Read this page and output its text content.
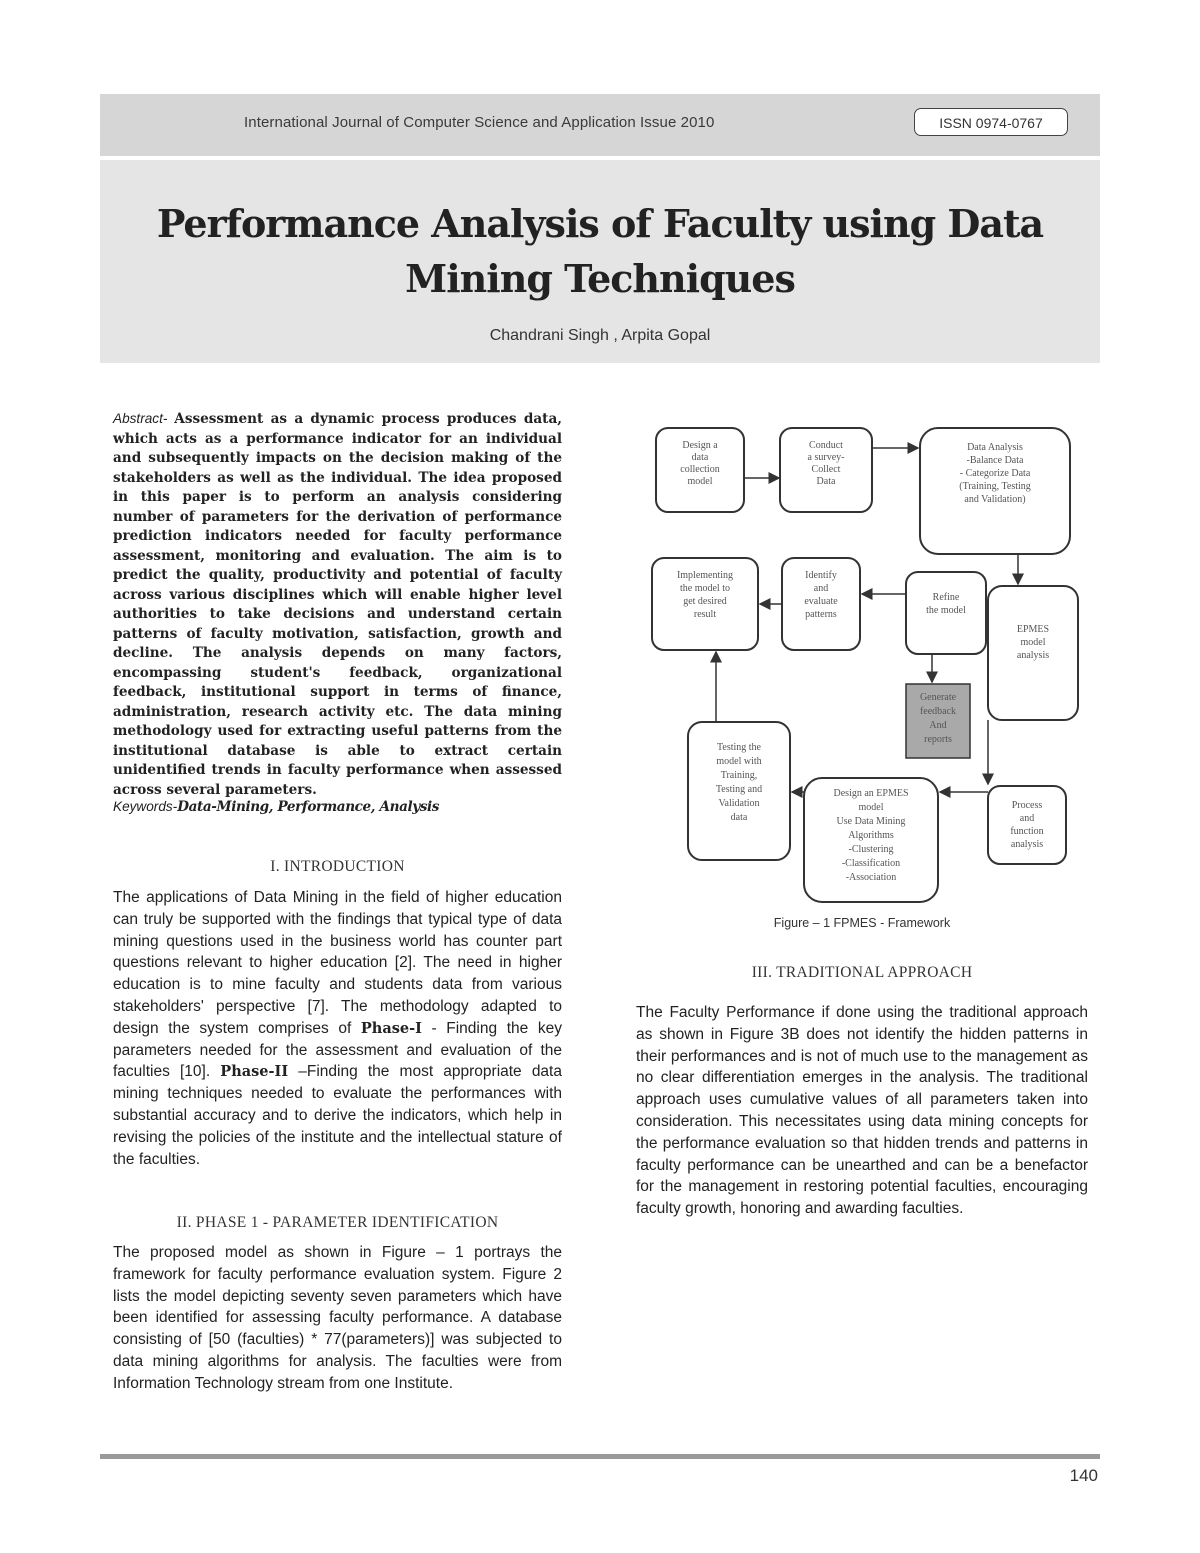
International Journal of Computer Science and Application Issue 2010	ISSN 0974-0767
Performance Analysis of Faculty using Data
Mining Techniques
Chandrani Singh , Arpita Gopal
Abstract- Assessment as a dynamic process produces data, which acts as a performance indicator for an individual and subsequently impacts on the decision making of the stakeholders as well as the individual. The idea proposed in this paper is to perform an analysis considering number of parameters for the derivation of performance prediction indicators needed for faculty performance assessment, monitoring and evaluation. The aim is to predict the quality, productivity and potential of faculty across various disciplines which will enable higher level authorities to take decisions and understand certain patterns of faculty motivation, satisfaction, growth and decline. The analysis depends on many factors, encompassing student's feedback, organizational feedback, institutional support in terms of finance, administration, research activity etc. The data mining methodology used for extracting useful patterns from the institutional database is able to extract certain unidentified trends in faculty performance when assessed across several parameters.
Keywords-Data-Mining, Performance, Analysis
I. INTRODUCTION
The applications of Data Mining in the field of higher education can truly be supported with the findings that typical type of data mining questions used in the business world has counter part questions relevant to higher education [2]. The need in higher education is to mine faculty and students data from various stakeholders' perspective [7]. The methodology adapted to design the system comprises of Phase-I - Finding the key parameters needed for the assessment and evaluation of the faculties [10]. Phase-II –Finding the most appropriate data mining techniques needed to evaluate the performances with substantial accuracy and to derive the indicators, which help in revising the policies of the institute and the intellectual stature of the faculties.
II. PHASE 1 - PARAMETER IDENTIFICATION
The proposed model as shown in Figure – 1 portrays the framework for faculty performance evaluation system. Figure 2 lists the model depicting seventy seven parameters which have been identified for assessing faculty performance. A database consisting of [50 (faculties) * 77(parameters)] was subjected to data mining algorithms for analysis. The faculties were from Information Technology stream from one Institute.
Design a
data
collection
model
Conduct
a survey-
Collect
Data
Data Analysis
-Balance Data
- Categorize Data
(Training, Testing
and Validation)
Implementing
the model to
get desired
result
Identify
and
evaluate
patterns
Refine
the model
EPMES
model
analysis
Generate
feedback
And
reports
Testing the
model with
Training,
Testing and
Validation
data
Design an EPMES
model
Use Data Mining
Algorithms
-Clustering
-Classification
-Association
Process
and
function
analysis
Figure – 1 FPMES - Framework
III. TRADITIONAL APPROACH
The Faculty Performance if done using the traditional approach as shown in Figure 3B does not identify the hidden patterns in their performances and is not of much use to the management as no clear differentiation emerges in the analysis. The traditional approach uses cumulative values of all parameters taken into consideration. This necessitates using data mining concepts for the performance evaluation so that hidden trends and patterns in faculty performance can be unearthed and can be a benefactor for the management in restoring potential faculties, encouraging faculty growth, honoring and awarding faculties.
140
